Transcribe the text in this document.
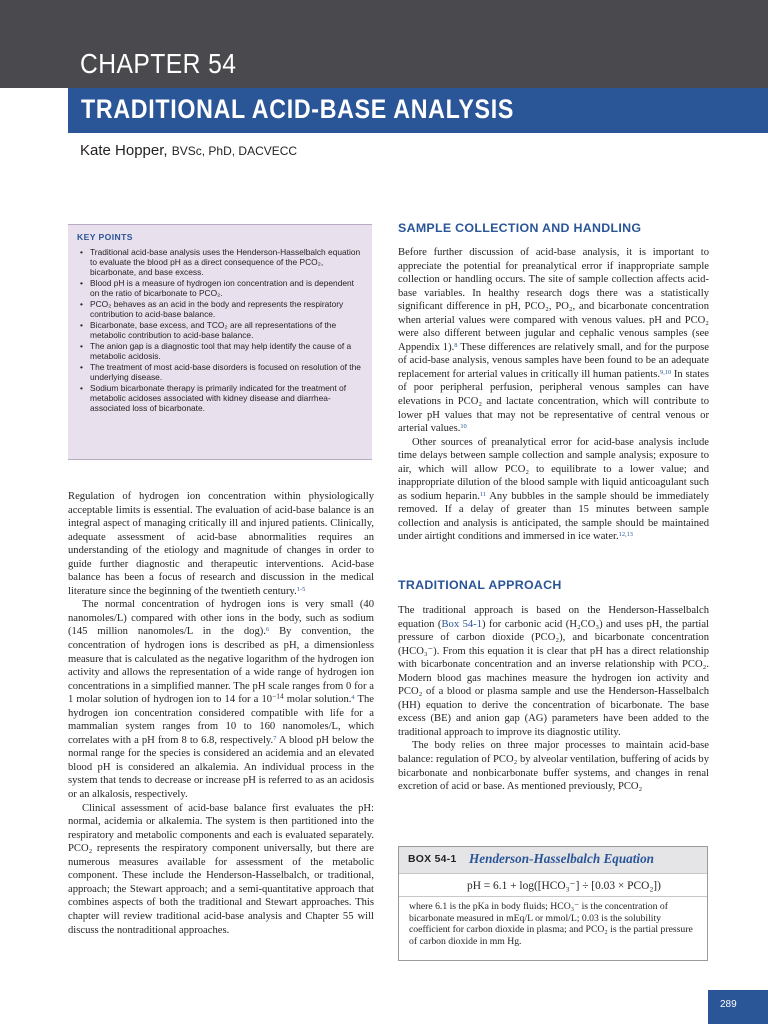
CHAPTER 54
TRADITIONAL ACID-BASE ANALYSIS
Kate Hopper, BVSc, PhD, DACVECC
KEY POINTS
• Traditional acid-base analysis uses the Henderson-Hasselbalch equation to evaluate the blood pH as a direct consequence of the PCO₂, bicarbonate, and base excess.
• Blood pH is a measure of hydrogen ion concentration and is dependent on the ratio of bicarbonate to PCO₂.
• PCO₂ behaves as an acid in the body and represents the respiratory contribution to acid-base balance.
• Bicarbonate, base excess, and TCO₂ are all representations of the metabolic contribution to acid-base balance.
• The anion gap is a diagnostic tool that may help identify the cause of a metabolic acidosis.
• The treatment of most acid-base disorders is focused on resolution of the underlying disease.
• Sodium bicarbonate therapy is primarily indicated for the treatment of metabolic acidoses associated with kidney disease and diarrhea-associated loss of bicarbonate.

Regulation of hydrogen ion concentration within physiologically acceptable limits is essential. The evaluation of acid-base balance is an integral aspect of managing critically ill and injured patients. Clinically, adequate assessment of acid-base abnormalities requires an understanding of the etiology and magnitude of changes in order to guide further diagnostic and therapeutic interventions. Acid-base balance has been a focus of research and discussion in the medical literature since the beginning of the twentieth century.$^{1-5}$

The normal concentration of hydrogen ions is very small (40 nanomoles/L) compared with other ions in the body, such as sodium (145 million nanomoles/L in the dog).$^6$ By convention, the concentration of hydrogen ions is described as pH, a dimensionless measure that is calculated as the negative logarithm of the hydrogen ion activity and allows the representation of a wide range of hydrogen ion concentrations in a simplified manner. The pH scale ranges from 0 for a 1 molar solution of hydrogen ion to 14 for a $10^{-14}$ molar solution.$^4$ The hydrogen ion concentration considered compatible with life for a mammalian system ranges from 10 to 160 nanomoles/L, which correlates with a pH from 8 to 6.8, respectively.$^7$ A blood pH below the normal range for the species is considered an acidemia and an elevated blood pH is considered an alkalemia. An individual process in the system that tends to decrease or increase pH is referred to as an acidosis or an alkalosis, respectively.

Clinical assessment of acid-base balance first evaluates the pH: normal, acidemia or alkalemia. The system is then partitioned into the respiratory and metabolic components and each is evaluated separately. PCO₂ represents the respiratory component universally, but there are numerous measures available for assessment of the metabolic component. These include the Henderson-Hasselbalch, or traditional, approach; the Stewart approach; and a semi-quantitative approach that combines aspects of both the traditional and Stewart approaches. This chapter will review traditional acid-base analysis and Chapter 55 will discuss the nontraditional approaches.

SAMPLE COLLECTION AND HANDLING

Before further discussion of acid-base analysis, it is important to appreciate the potential for preanalytical error if inappropriate sample collection or handling occurs. The site of sample collection affects acid-base variables. In healthy research dogs there was a statistically significant difference in pH, PCO₂, PO₂, and bicarbonate concentration when arterial values were compared with venous values. pH and PCO₂ were also different between jugular and cephalic venous samples (see Appendix 1).$^8$ These differences are relatively small, and for the purpose of acid-base analysis, venous samples have been found to be an adequate replacement for arterial values in critically ill human patients.$^{9,10}$ In states of poor peripheral perfusion, peripheral venous samples can have elevations in PCO₂ and lactate concentration, which will contribute to lower pH values that may not be representative of central venous or arterial values.$^{10}$

Other sources of preanalytical error for acid-base analysis include time delays between sample collection and sample analysis; exposure to air, which will allow PCO₂ to equilibrate to a lower value; and inappropriate dilution of the blood sample with liquid anticoagulant such as sodium heparin.$^{11}$ Any bubbles in the sample should be immediately removed. If a delay of greater than 15 minutes between sample collection and analysis is anticipated, the sample should be maintained under airtight conditions and immersed in ice water.$^{12,13}$

TRADITIONAL APPROACH

The traditional approach is based on the Henderson-Hasselbalch equation (Box 54-1) for carbonic acid (H₂CO₃) and uses pH, the partial pressure of carbon dioxide (PCO₂), and bicarbonate concentration (HCO₃⁻). From this equation it is clear that pH has a direct relationship with bicarbonate concentration and an inverse relationship with PCO₂. Modern blood gas machines measure the hydrogen ion activity and PCO₂ of a blood or plasma sample and use the Henderson-Hasselbalch (HH) equation to derive the concentration of bicarbonate. The base excess (BE) and anion gap (AG) parameters have been added to the traditional approach to improve its diagnostic utility.

The body relies on three major processes to maintain acid-base balance: regulation of PCO₂ by alveolar ventilation, buffering of acids by bicarbonate and nonbicarbonate buffer systems, and changes in renal excretion of acid or base. As mentioned previously, PCO₂

BOX 54-1 Henderson-Hasselbalch Equation
pH = 6.1 + log([HCO₃⁻] ÷ [0.03 × PCO₂])
where 6.1 is the pKa in body fluids; HCO₃⁻ is the concentration of bicarbonate measured in mEq/L or mmol/L; 0.03 is the solubility coefficient for carbon dioxide in plasma; and PCO₂ is the partial pressure of carbon dioxide in mm Hg.
289
